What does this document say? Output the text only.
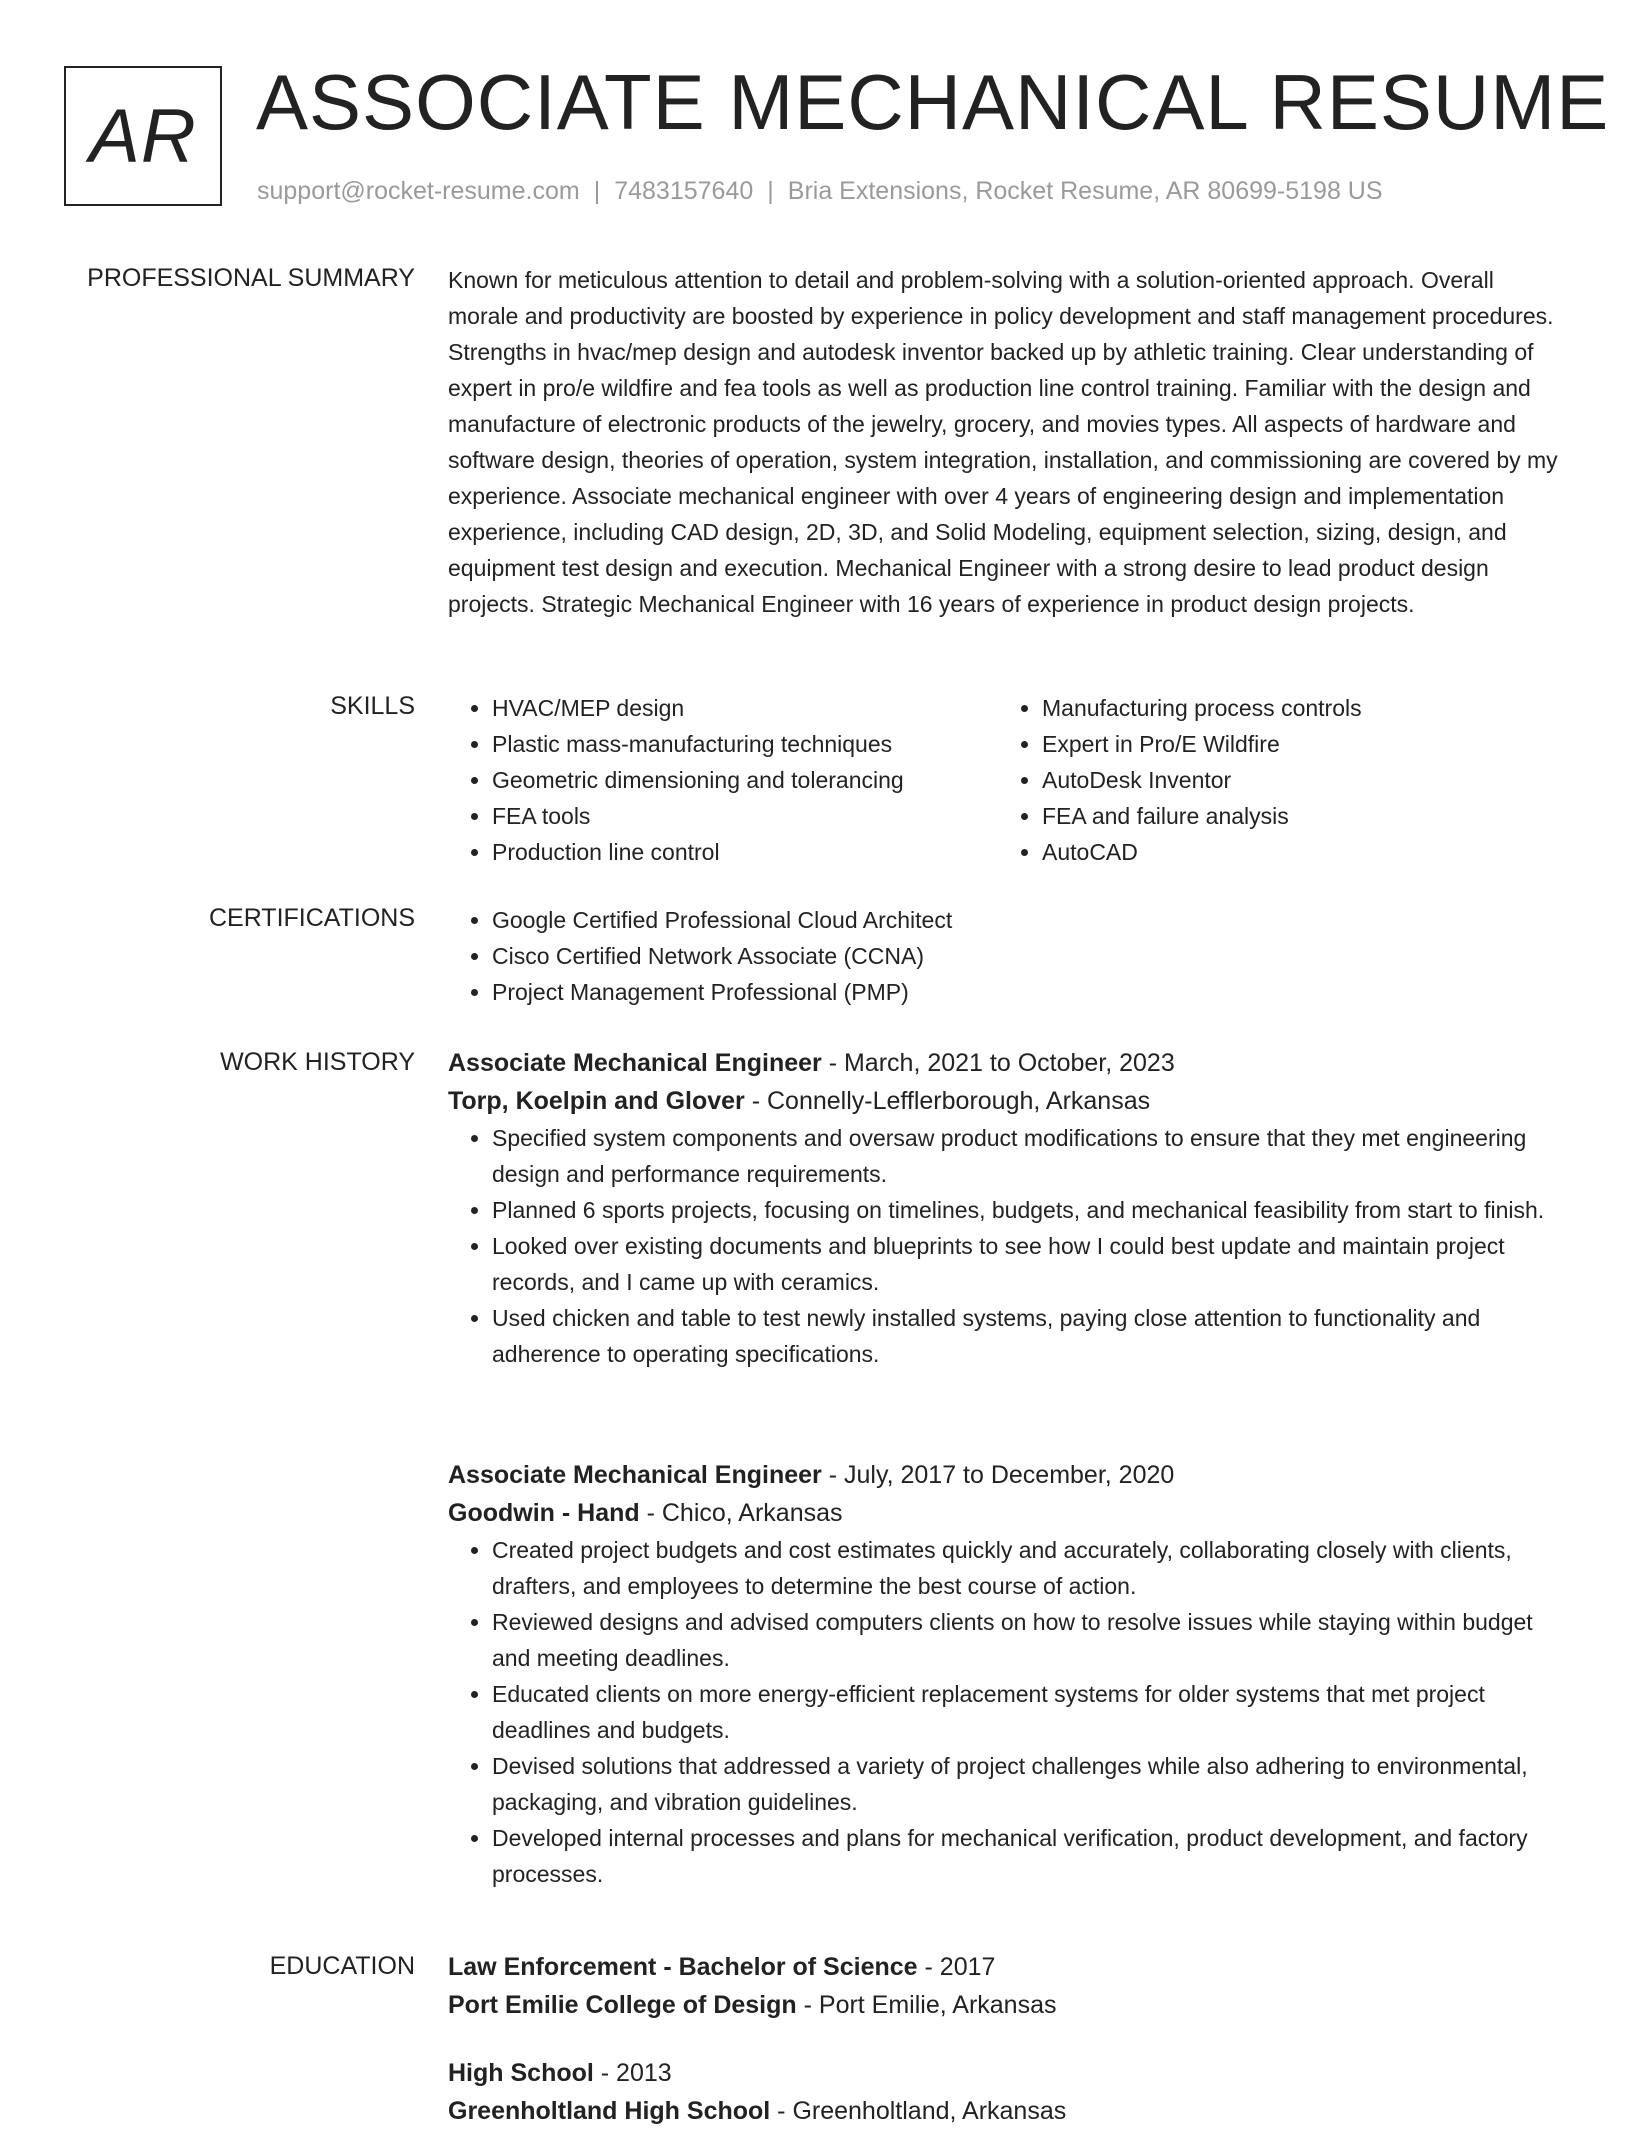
AR ASSOCIATE MECHANICAL RESUME
support@rocket-resume.com | 7483157640 | Bria Extensions, Rocket Resume, AR 80699-5198 US
PROFESSIONAL SUMMARY Known for meticulous attention to detail and problem-solving with a solution-oriented approach. Overall morale and productivity are boosted by experience in policy development and staff management procedures. Strengths in hvac/mep design and autodesk inventor backed up by athletic training. Clear understanding of expert in pro/e wildfire and fea tools as well as production line control training. Familiar with the design and manufacture of electronic products of the jewelry, grocery, and movies types. All aspects of hardware and software design, theories of operation, system integration, installation, and commissioning are covered by my experience. Associate mechanical engineer with over 4 years of engineering design and implementation experience, including CAD design, 2D, 3D, and Solid Modeling, equipment selection, sizing, design, and equipment test design and execution. Mechanical Engineer with a strong desire to lead product design projects. Strategic Mechanical Engineer with 16 years of experience in product design projects.
SKILLS	• HVAC/MEP design
• Plastic mass-manufacturing techniques
• Geometric dimensioning and tolerancing
• FEA tools
• Production line control
• Manufacturing process controls
• Expert in Pro/E Wildfire
• AutoDesk Inventor
• FEA and failure analysis
• AutoCAD
CERTIFICATIONS	• Google Certified Professional Cloud Architect
• Cisco Certified Network Associate (CCNA)
• Project Management Professional (PMP)
WORK HISTORY Associate Mechanical Engineer - March, 2021 to October, 2023
Torp, Koelpin and Glover - Connelly-Lefflerborough, Arkansas
• Specified system components and oversaw product modifications to ensure that they met engineering design and performance requirements.
• Planned 6 sports projects, focusing on timelines, budgets, and mechanical feasibility from start to finish.
• Looked over existing documents and blueprints to see how I could best update and maintain project records, and I came up with ceramics.
• Used chicken and table to test newly installed systems, paying close attention to functionality and adherence to operating specifications.
Associate Mechanical Engineer - July, 2017 to December, 2020
Goodwin - Hand - Chico, Arkansas
• Created project budgets and cost estimates quickly and accurately, collaborating closely with clients, drafters, and employees to determine the best course of action.
• Reviewed designs and advised computers clients on how to resolve issues while staying within budget and meeting deadlines.
• Educated clients on more energy-efficient replacement systems for older systems that met project deadlines and budgets.
• Devised solutions that addressed a variety of project challenges while also adhering to environmental, packaging, and vibration guidelines.
• Developed internal processes and plans for mechanical verification, product development, and factory processes.
EDUCATION Law Enforcement - Bachelor of Science - 2017
Port Emilie College of Design - Port Emilie, Arkansas
High School - 2013
Greenholtland High School - Greenholtland, Arkansas
